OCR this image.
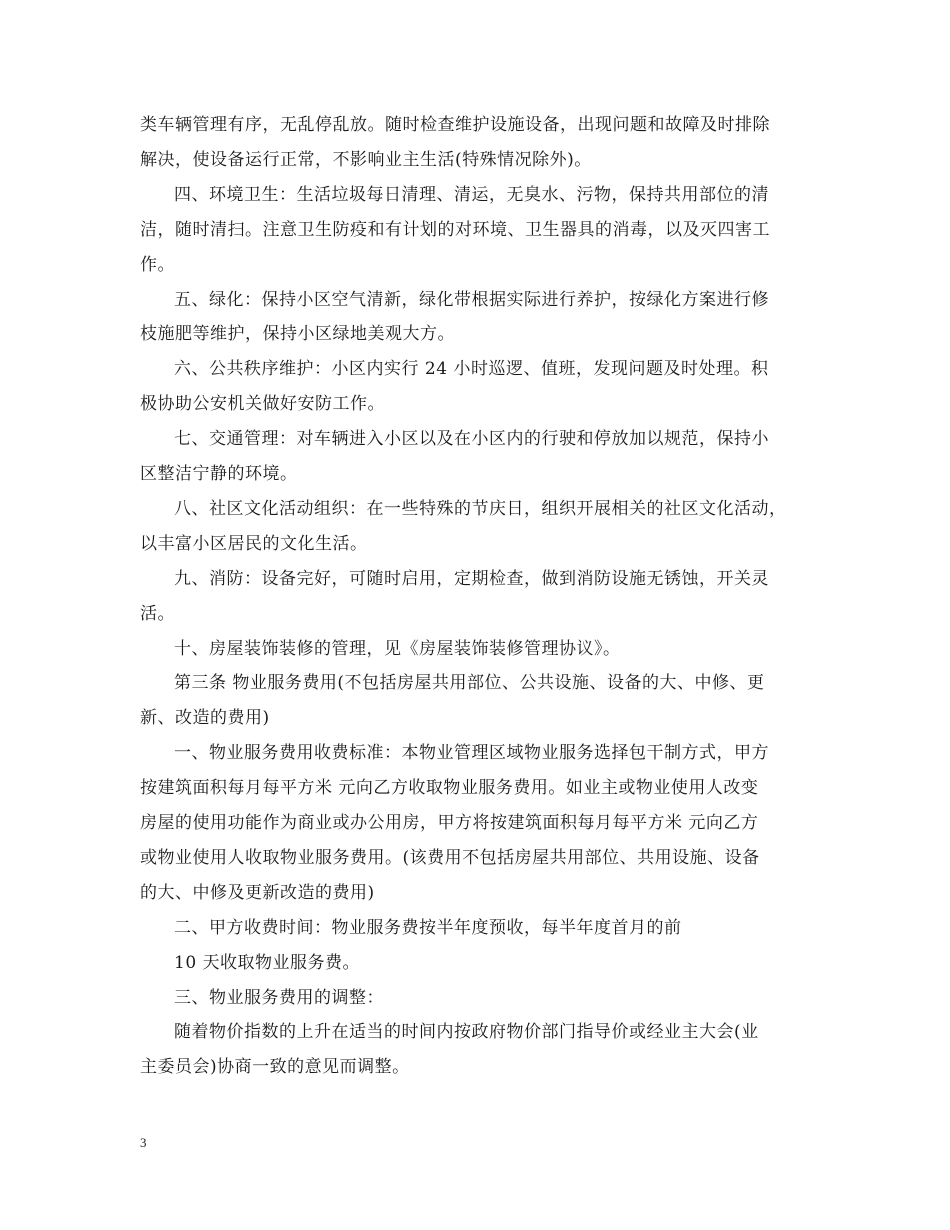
类车辆管理有序，无乱停乱放。随时检查维护设施设备，出现问题和故障及时排除
解决，使设备运行正常，不影响业主生活(特殊情况除外)。
四、环境卫生：生活垃圾每日清理、清运，无臭水、污物，保持共用部位的清
洁，随时清扫。注意卫生防疫和有计划的对环境、卫生器具的消毒，以及灭四害工
作。
五、绿化：保持小区空气清新，绿化带根据实际进行养护，按绿化方案进行修
枝施肥等维护，保持小区绿地美观大方。
六、公共秩序维护：小区内实行 24 小时巡逻、值班，发现问题及时处理。积
极协助公安机关做好安防工作。
七、交通管理：对车辆进入小区以及在小区内的行驶和停放加以规范，保持小
区整洁宁静的环境。
八、社区文化活动组织：在一些特殊的节庆日，组织开展相关的社区文化活动，
以丰富小区居民的文化生活。
九、消防：设备完好，可随时启用，定期检查，做到消防设施无锈蚀，开关灵
活。
十、房屋装饰装修的管理，见《房屋装饰装修管理协议》。
第三条 物业服务费用(不包括房屋共用部位、公共设施、设备的大、中修、更
新、改造的费用)
一、物业服务费用收费标准：本物业管理区域物业服务选择包干制方式，甲方
按建筑面积每月每平方米 元向乙方收取物业服务费用。如业主或物业使用人改变
房屋的使用功能作为商业或办公用房，甲方将按建筑面积每月每平方米 元向乙方
或物业使用人收取物业服务费用。(该费用不包括房屋共用部位、共用设施、设备
的大、中修及更新改造的费用)
二、甲方收费时间：物业服务费按半年度预收，每半年度首月的前
10 天收取物业服务费。
三、物业服务费用的调整：
随着物价指数的上升在适当的时间内按政府物价部门指导价或经业主大会(业
主委员会)协商一致的意见而调整。
3
